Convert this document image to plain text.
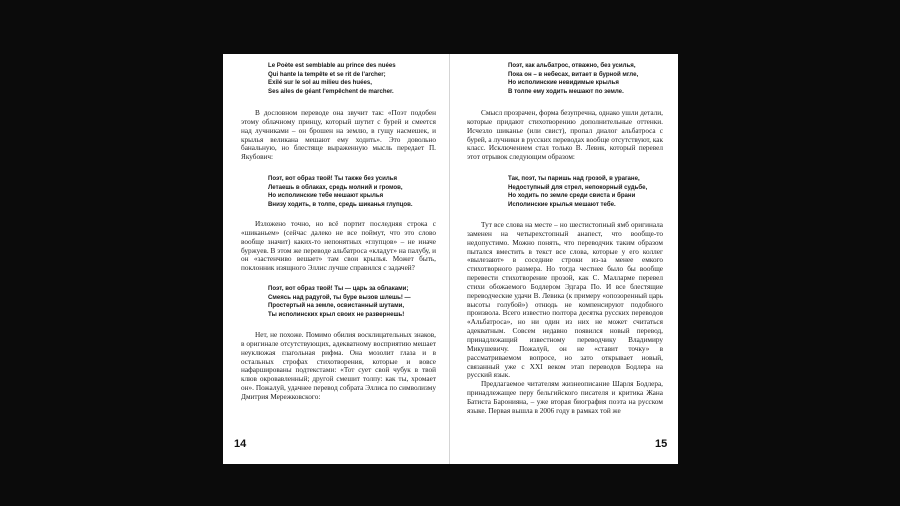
Le Poète est semblable au prince des nuées
Qui hante la tempête et se rit de l'archer;
Exilé sur le sol au milieu des huées,
Ses ailes de géant l'empêchent de marcher.

В дословном переводе она звучит так: «Поэт подобен этому облачному принцу, который шутит с бурей и смеется над лучниками – он брошен на землю, в гущу насмешек, и крылья великана мешают ему ходить». Это довольно банальную, но блестяще выраженную мысль передает П. Якубович:

Поэт, вот образ твой! Ты также без усилья
Летаешь в облаках, средь молний и громов,
Но исполинские тебе мешают крылья
Внизу ходить, в толпе, средь шиканья глупцов.

Изложено точно, но всё портит последняя строка с «шиканьем» (сейчас далеко не все поймут, что это слово вообще значит) каких-то непонятных «глупцов» – не иначе буржуев. В этом же переводе альбатроса «кладут» на палубу, и он «застенчиво вешает» там свои крылья. Может быть, поклонник изящного Эллис лучше справился с задачей?

Поэт, вот образ твой! Ты — царь за облаками;
Смеясь над радугой, ты буре вызов шлешь! —
Простертый на земле, освистанный шутами,
Ты исполинских крыл своих не развернешь!

Нет, не похоже. Помимо обилия восклицательных знаков, в оригинале отсутствующих, адекватному восприятию мешает неуклюжая глагольная рифма. Она мозолит глаза и в остальных строфах стихотворения, которые и вовсе нафаршированы подтекстами: «Тот сует свой чубук в твой клюв окровавленный; другой смешит толпу: как ты, хромает он». Пожалуй, удачнее перевод собрата Эллиса по символизму Дмитрия Мережковского:

14
Поэт, как альбатрос, отважно, без усилья,
Пока он – в небесах, витает в бурной мгле,
Но исполинские невидимые крылья
В толпе ему ходить мешают по земле.

Смысл прозрачен, форма безупречна, однако ушли детали, которые придают стихотворению дополнительные оттенки. Исчезло шиканье (или свист), пропал диалог альбатроса с бурей, а лучники в русских переводах вообще отсутствуют, как класс. Исключением стал только В. Левик, который перевел этот отрывок следующим образом:

Так, поэт, ты паришь над грозой, в урагане,
Недоступный для стрел, непокорный судьбе,
Но ходить по земле среди свиста и брани
Исполинские крылья мешают тебе.

Тут все слова на месте – но шестистопный ямб оригинала заменен на четырехстопный анапест, что вообще-то недопустимо. Можно понять, что переводчик таким образом пытался вместить в текст все слова, которые у его коллег «вылезают» в соседние строки из-за менее емкого стихотворного размера. Но тогда честнее было бы вообще перевести стихотворение прозой, как С. Малларме перевел стихи обожаемого Бодлером Эдгара По. И все блестящие переводческие удачи В. Левика (к примеру «опозоренный царь высоты голубой») отнюдь не компенсируют подобного произвола. Всего известно полтора десятка русских переводов «Альбатроса», но ни один из них не может считаться адекватным. Совсем недавно появился новый перевод, принадлежащий известному переводчику Владимиру Микушевичу. Пожалуй, он не «ставит точку» в рассматриваемом вопросе, но зато открывает новый, связанный уже с XXI веком этап переводов Бодлера на русский язык.

Предлагаемое читателям жизнеописание Шарля Бодлера, принадлежащее перу бельгийского писателя и критика Жана Батиста Баронияна, – уже вторая биография поэта на русском языке. Первая вышла в 2006 году в рамках той же

15
